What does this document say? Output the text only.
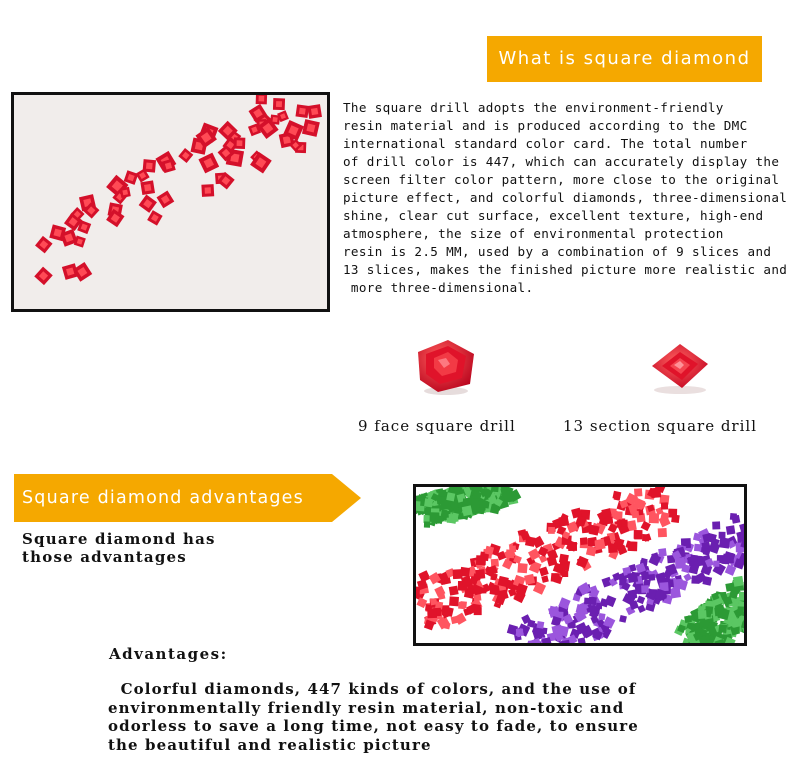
What is square diamond
The square drill adopts the environment-friendly
resin material and is produced according to the DMC
international standard color card. The total number
of drill color is 447, which can accurately display the
screen filter color pattern, more close to the original
picture effect, and colorful diamonds, three-dimensional
shine, clear cut surface, excellent texture, high-end
atmosphere, the size of environmental protection
resin is 2.5 MM, used by a combination of 9 slices and
13 slices, makes the finished picture more realistic and
more three-dimensional.
9 face square drill	13 section square drill
Square diamond advantages
Square diamond has
those advantages
Advantages:
Colorful diamonds, 447 kinds of colors, and the use of
environmentally friendly resin material, non-toxic and
odorless to save a long time, not easy to fade, to ensure
the beautiful and realistic picture
